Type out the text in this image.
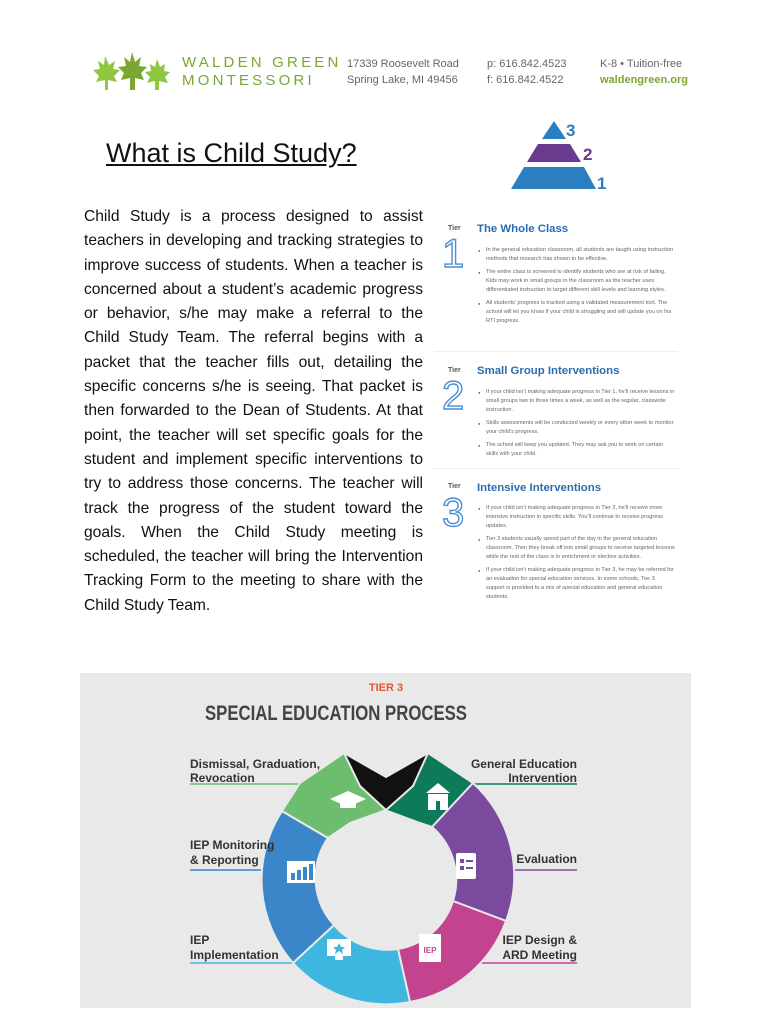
WALDEN GREEN
MONTESSORI
17339 Roosevelt Road
Spring Lake, MI 49456
p: 616.842.4523
f: 616.842.4522
K-8 • Tuition-free
waldengreen.org
What is Child Study?
Child Study is a process designed to assist teachers in developing and tracking strategies to improve success of students. When a teacher is concerned about a student’s academic progress or behavior, s/he may make a referral to the Child Study Team. The referral begins with a packet that the teacher fills out, detailing the specific concerns s/he is seeing. That packet is then forwarded to the Dean of Students. At that point, the teacher will set specific goals for the student and implement specific interventions to try to address those concerns. The teacher will track the progress of the student toward the goals. When the Child Study meeting is scheduled, the teacher will bring the Intervention Tracking Form to the meeting to share with the Child Study Team.
3
2
1
Tier
1
The Whole Class
● In the general education classroom, all students are taught using instruction methods that research has shown to be effective.
● The entire class is screened to identify students who are at risk of failing. Kids may work in small groups in the classroom as the teacher uses differentiated instruction to target different skill levels and learning styles.
● All students’ progress is tracked using a validated measurement tool. The school will let you know if your child is struggling and will update you on his RTI progress.
Tier
2
Small Group Interventions
● If your child isn’t making adequate progress in Tier 1, he’ll receive lessons in small groups two to three times a week, as well as the regular, classwide instruction.
● Skills assessments will be conducted weekly or every other week to monitor your child’s progress.
● The school will keep you updated. They may ask you to work on certain skills with your child.
Tier
3
Intensive Interventions
● If your child isn’t making adequate progress in Tier 2, he’ll receive more intensive instruction in specific skills. You’ll continue to receive progress updates.
● Tier 3 students usually spend part of the day in the general education classroom. Then they break off into small groups to receive targeted lessons while the rest of the class is in enrichment or elective activities.
● If your child isn’t making adequate progress in Tier 3, he may be referred for an evaluation for special education services. In some schools, Tier 3 support is provided to a mix of special education and general education students.
TIER 3
SPECIAL EDUCATION PROCESS
IEP
Dismissal, Graduation,
Revocation
IEP Monitoring
& Reporting
IEP
Implementation
General Education
Intervention
Evaluation
IEP Design &
ARD Meeting
